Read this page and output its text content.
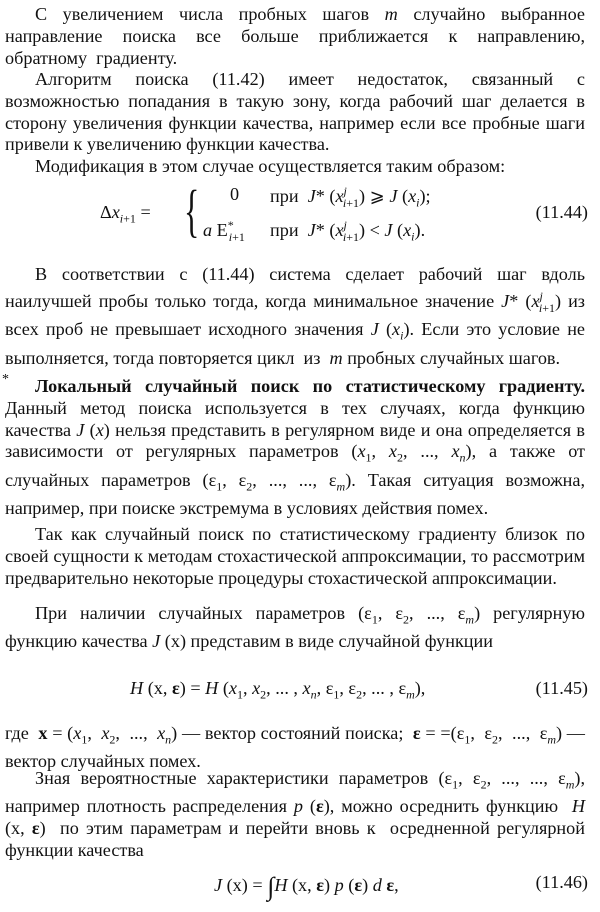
С увеличением числа пробных шагов m случайно выбранное направление поиска все больше приближается к направлению, обратному  градиенту.

Алгоритм поиска (11.42) имеет недостаток, связанный с возможностью попадания в такую зону, когда рабочий шаг делается в сторону увеличения функции качества, например если все пробные шаги привели к увеличению функции качества.

Модификация в этом случае осуществляется таким образом:

$\Delta x_{i+1}$ = { 0 при  J* $(x^j_{i+1})$ ⩾ J $(x_i)$;
a $E^*_{i+1}$ при  J* $(x^j_{i+1}) < J$ $(x_i)$.
(11.44)

В соответствии с (11.44) система сделает рабочий шаг вдоль наилучшей пробы только тогда, когда минимальное значение J* $(x^j_{i+1})$ из всех проб не превышает исходного значения J $(x_i)$. Если это условие не выполняется, тогда повторяется цикл  из  m пробных случайных шагов.

*	Локальный случайный поиск по статистическому градиенту. Данный метод поиска используется в тех случаях, когда функцию качества J (x) нельзя представить в регулярном виде и она определяется в зависимости от регулярных параметров ($x_1$, $x_2$, ..., $x_n$), а также от случайных параметров ($\varepsilon_1$, $\varepsilon_2$, ..., ..., $\varepsilon_m$). Такая ситуация возможна, например, при поиске экстремума в условиях действия помех.

Так как случайный поиск по статистическому градиенту близок по своей сущности к методам стохастической аппроксимации, то рассмотрим предварительно некоторые процедуры стохастической аппроксимации.

При наличии случайных параметров ($\varepsilon_1$, $\varepsilon_2$, ..., $\varepsilon_m$) регулярную функцию качества J (x) представим в виде случайной функции

H (x, ε) = H ($x_1$, $x_2$, ... , $x_n$, $\varepsilon_1$, $\varepsilon_2$, ... , $\varepsilon_m$),	(11.45)

где  $x = (x_1$,  $x_2$,  ...,  $x_n$) — вектор состояний поиска;  $\varepsilon = =(\varepsilon_1$,  $\varepsilon_2$,  ...,  $\varepsilon_m$) — вектор случайных помех.

Зная вероятностные характеристики параметров ($\varepsilon_1$, $\varepsilon_2$, ..., ..., $\varepsilon_m$), например плотность распределения p (ε), можно осреднить функцию  H (x, ε)  по этим параметрам и перейти вновь к  осредненной регулярной функции качества

J (x) = ∫H (x, ε) p (ε) d ε,	(11.46)
